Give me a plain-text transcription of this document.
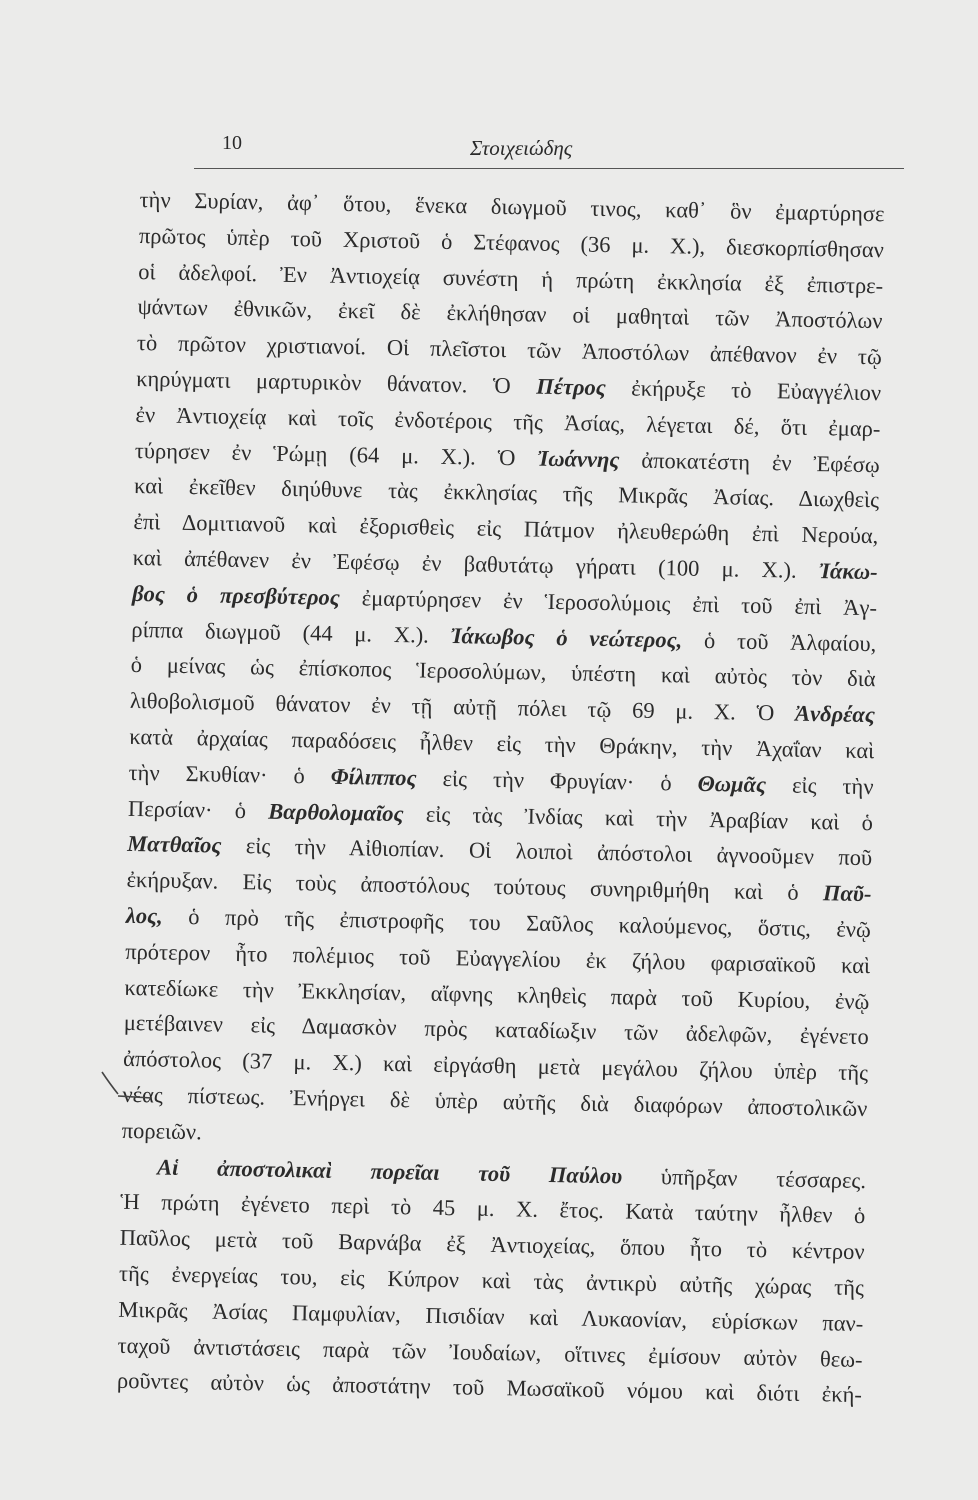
10	Στοιχειώδης
τὴν Συρίαν, ἀφ᾽ ὅτου, ἕνεκα διωγμοῦ τινος, καθ᾽ ὃν ἐμαρτύρησε
πρῶτος ὑπὲρ τοῦ Χριστοῦ ὁ Στέφανος (36 μ. Χ.), διεσκορπίσθησαν
οἱ ἀδελφοί. Ἐν Ἀντιοχείᾳ συνέστη ἡ πρώτη ἐκκλησία ἐξ ἐπιστρε-
ψάντων ἐθνικῶν, ἐκεῖ δὲ ἐκλήθησαν οἱ μαθηταὶ τῶν Ἀποστόλων
τὸ πρῶτον χριστιανοί. Οἱ πλεῖστοι τῶν Ἀποστόλων ἀπέθανον ἐν τῷ
κηρύγματι μαρτυρικὸν θάνατον. Ὁ Πέτρος ἐκήρυξε τὸ Εὐαγγέλιον
ἐν Ἀντιοχείᾳ καὶ τοῖς ἐνδοτέροις τῆς Ἀσίας, λέγεται δέ, ὅτι ἐμαρ-
τύρησεν ἐν Ῥώμῃ (64 μ. Χ.). Ὁ Ἰωάννης ἀποκατέστη ἐν Ἐφέσῳ
καὶ ἐκεῖθεν διηύθυνε τὰς ἐκκλησίας τῆς Μικρᾶς Ἀσίας. Διωχθεὶς
ἐπὶ Δομιτιανοῦ καὶ ἐξορισθεὶς εἰς Πάτμον ἠλευθερώθη ἐπὶ Νερούα,
καὶ ἀπέθανεν ἐν Ἐφέσῳ ἐν βαθυτάτῳ γήρατι (100 μ. Χ.). Ἰάκω-
βος ὁ πρεσβύτερος ἐμαρτύρησεν ἐν Ἱεροσολύμοις ἐπὶ τοῦ ἐπὶ Ἀγ-
ρίππα διωγμοῦ (44 μ. Χ.). Ἰάκωβος ὁ νεώτερος, ὁ τοῦ Ἀλφαίου,
ὁ μείνας ὡς ἐπίσκοπος Ἱεροσολύμων, ὑπέστη καὶ αὐτὸς τὸν διὰ
λιθοβολισμοῦ θάνατον ἐν τῇ αὐτῇ πόλει τῷ 69 μ. Χ. Ὁ Ἀνδρέας
κατὰ ἀρχαίας παραδόσεις ἦλθεν εἰς τὴν Θράκην, τὴν Ἀχαΐαν καὶ
τὴν Σκυθίαν· ὁ Φίλιππος εἰς τὴν Φρυγίαν· ὁ Θωμᾶς εἰς τὴν
Περσίαν· ὁ Βαρθολομαῖος εἰς τὰς Ἰνδίας καὶ τὴν Ἀραβίαν καὶ ὁ
Ματθαῖος εἰς τὴν Αἰθιοπίαν. Οἱ λοιποὶ ἀπόστολοι ἀγνοοῦμεν ποῦ
ἐκήρυξαν. Εἰς τοὺς ἀποστόλους τούτους συνηριθμήθη καὶ ὁ Παῦ-
λος, ὁ πρὸ τῆς ἐπιστροφῆς του Σαῦλος καλούμενος, ὅστις, ἐνῷ
πρότερον ἦτο πολέμιος τοῦ Εὐαγγελίου ἐκ ζήλου φαρισαϊκοῦ καὶ
κατεδίωκε τὴν Ἐκκλησίαν, αἴφνης κληθεὶς παρὰ τοῦ Κυρίου, ἐνῷ
μετέβαινεν εἰς Δαμασκὸν πρὸς καταδίωξιν τῶν ἀδελφῶν, ἐγένετο
ἀπόστολος (37 μ. Χ.) καὶ εἰργάσθη μετὰ μεγάλου ζήλου ὑπὲρ τῆς
νέας πίστεως. Ἐνήργει δὲ ὑπὲρ αὐτῆς διὰ διαφόρων ἀποστολικῶν
πορειῶν.
Αἱ ἀποστολικαὶ πορεῖαι τοῦ Παύλου ὑπῆρξαν τέσσαρες.
Ἡ πρώτη ἐγένετο περὶ τὸ 45 μ. Χ. ἔτος. Κατὰ ταύτην ἦλθεν ὁ
Παῦλος μετὰ τοῦ Βαρνάβα ἐξ Ἀντιοχείας, ὅπου ἦτο τὸ κέντρον
τῆς ἐνεργείας του, εἰς Κύπρον καὶ τὰς ἀντικρὺ αὐτῆς χώρας τῆς
Μικρᾶς Ἀσίας Παμφυλίαν, Πισιδίαν καὶ Λυκαονίαν, εὑρίσκων παν-
ταχοῦ ἀντιστάσεις παρὰ τῶν Ἰουδαίων, οἵτινες ἐμίσουν αὐτὸν θεω-
ροῦντες αὐτὸν ὡς ἀποστάτην τοῦ Μωσαϊκοῦ νόμου καὶ διότι ἐκή-
